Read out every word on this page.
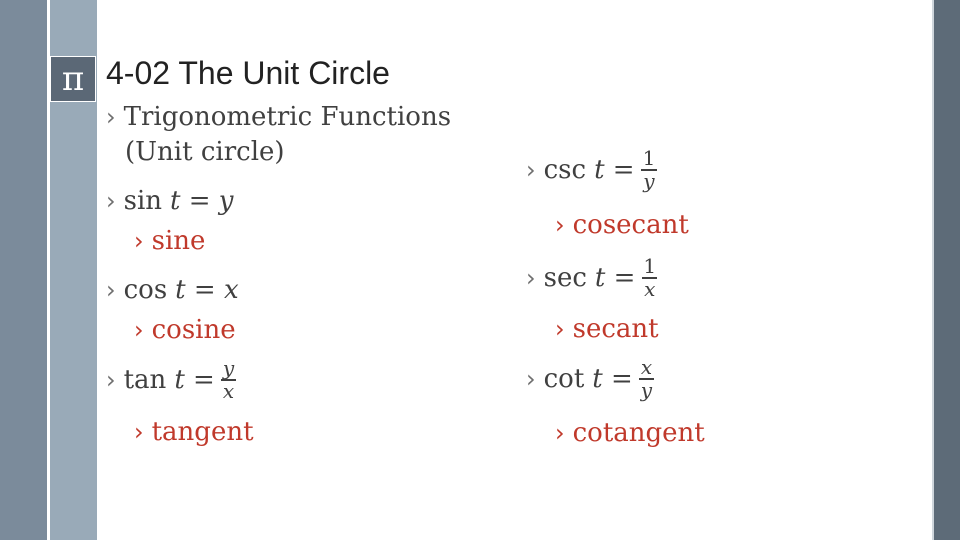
π 4-02 The Unit Circle
› Trigonometric Functions
(Unit circle)
› sin t = y
› sine
› cos t = x
› cosine
› tan t
= $\frac{y}{x}$
› tangent
› csc t
= $\frac{1}{y}$
› cosecant
› sec t
= $\frac{1}{x}$
› secant
› cot t
= $\frac{x}{y}$
› cotangent
